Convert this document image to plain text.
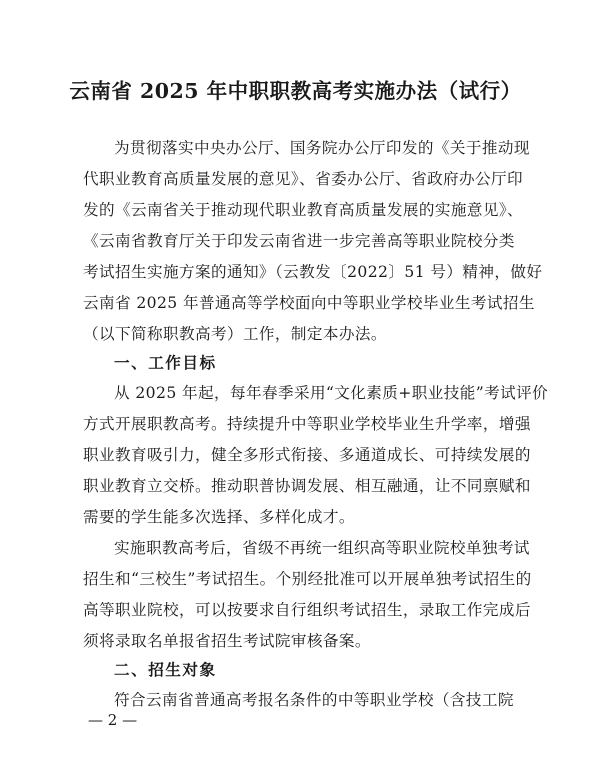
云南省 2025 年中职职教高考实施办法（试行）
为贯彻落实中央办公厅、国务院办公厅印发的《关于推动现
代职业教育高质量发展的意见》、省委办公厅、省政府办公厅印
发的《云南省关于推动现代职业教育高质量发展的实施意见》、
《云南省教育厅关于印发云南省进一步完善高等职业院校分类
考试招生实施方案的通知》（云教发〔2022〕51 号）精神，做好
云南省 2025 年普通高等学校面向中等职业学校毕业生考试招生
（以下简称职教高考）工作，制定本办法。
一、工作目标
从 2025 年起，每年春季采用“文化素质+职业技能”考试评价
方式开展职教高考。持续提升中等职业学校毕业生升学率，增强
职业教育吸引力，健全多形式衔接、多通道成长、可持续发展的
职业教育立交桥。推动职普协调发展、相互融通，让不同禀赋和
需要的学生能多次选择、多样化成才。
实施职教高考后，省级不再统一组织高等职业院校单独考试
招生和“三校生”考试招生。个别经批准可以开展单独考试招生的
高等职业院校，可以按要求自行组织考试招生，录取工作完成后
须将录取名单报省招生考试院审核备案。
二、招生对象
符合云南省普通高考报名条件的中等职业学校（含技工院
— 2 —
